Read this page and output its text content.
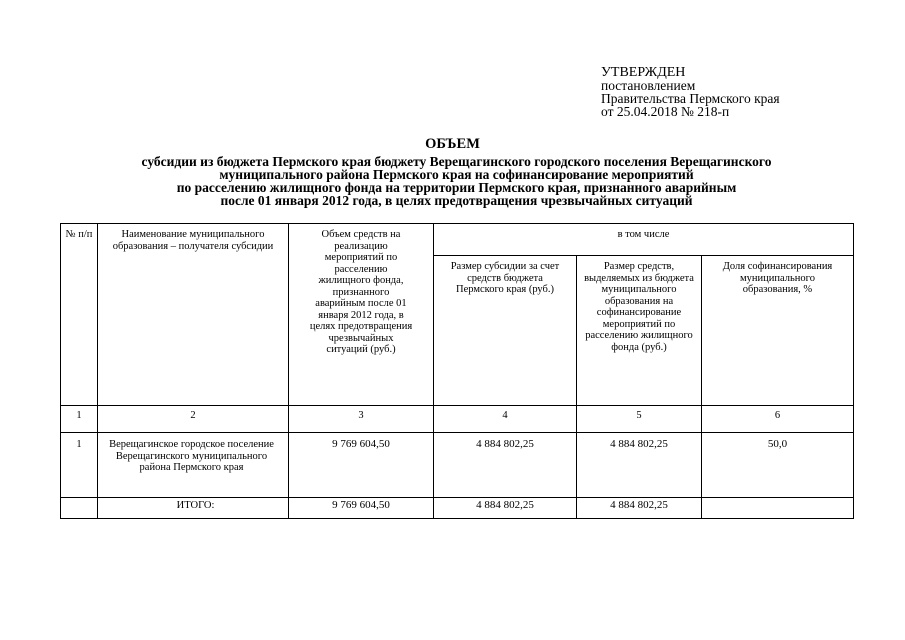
УТВЕРЖДЕН
постановлением
Правительства Пермского края
от 25.04.2018 № 218-п
ОБЪЕМ
субсидии из бюджета Пермского края бюджету Верещагинского городского поселения Верещагинского
муниципального района Пермского края на софинансирование мероприятий
по расселению жилищного фонда на территории Пермского края, признанного аварийным
после 01 января 2012 года, в целях предотвращения чрезвычайных ситуаций
№ п/п	Наименование муниципального образования – получателя субсидии	Объем средств на реализацию мероприятий по расселению жилищного фонда, признанного аварийным после 01 января 2012 года, в целях предотвращения чрезвычайных ситуаций (руб.)	в том числе		
			Размер субсидии за счет средств бюджета Пермского края (руб.)	Размер средств, выделяемых из бюджета муниципального образования на софинансирование мероприятий по расселению жилищного фонда (руб.)	Доля софинансирования муниципального образования, %
1	2	3	4	5	6
1	Верещагинское городское поселение Верещагинского муниципального района Пермского края	9 769 604,50	4 884 802,25	4 884 802,25	50,0
	ИТОГО:	9 769 604,50	4 884 802,25	4 884 802,25	
